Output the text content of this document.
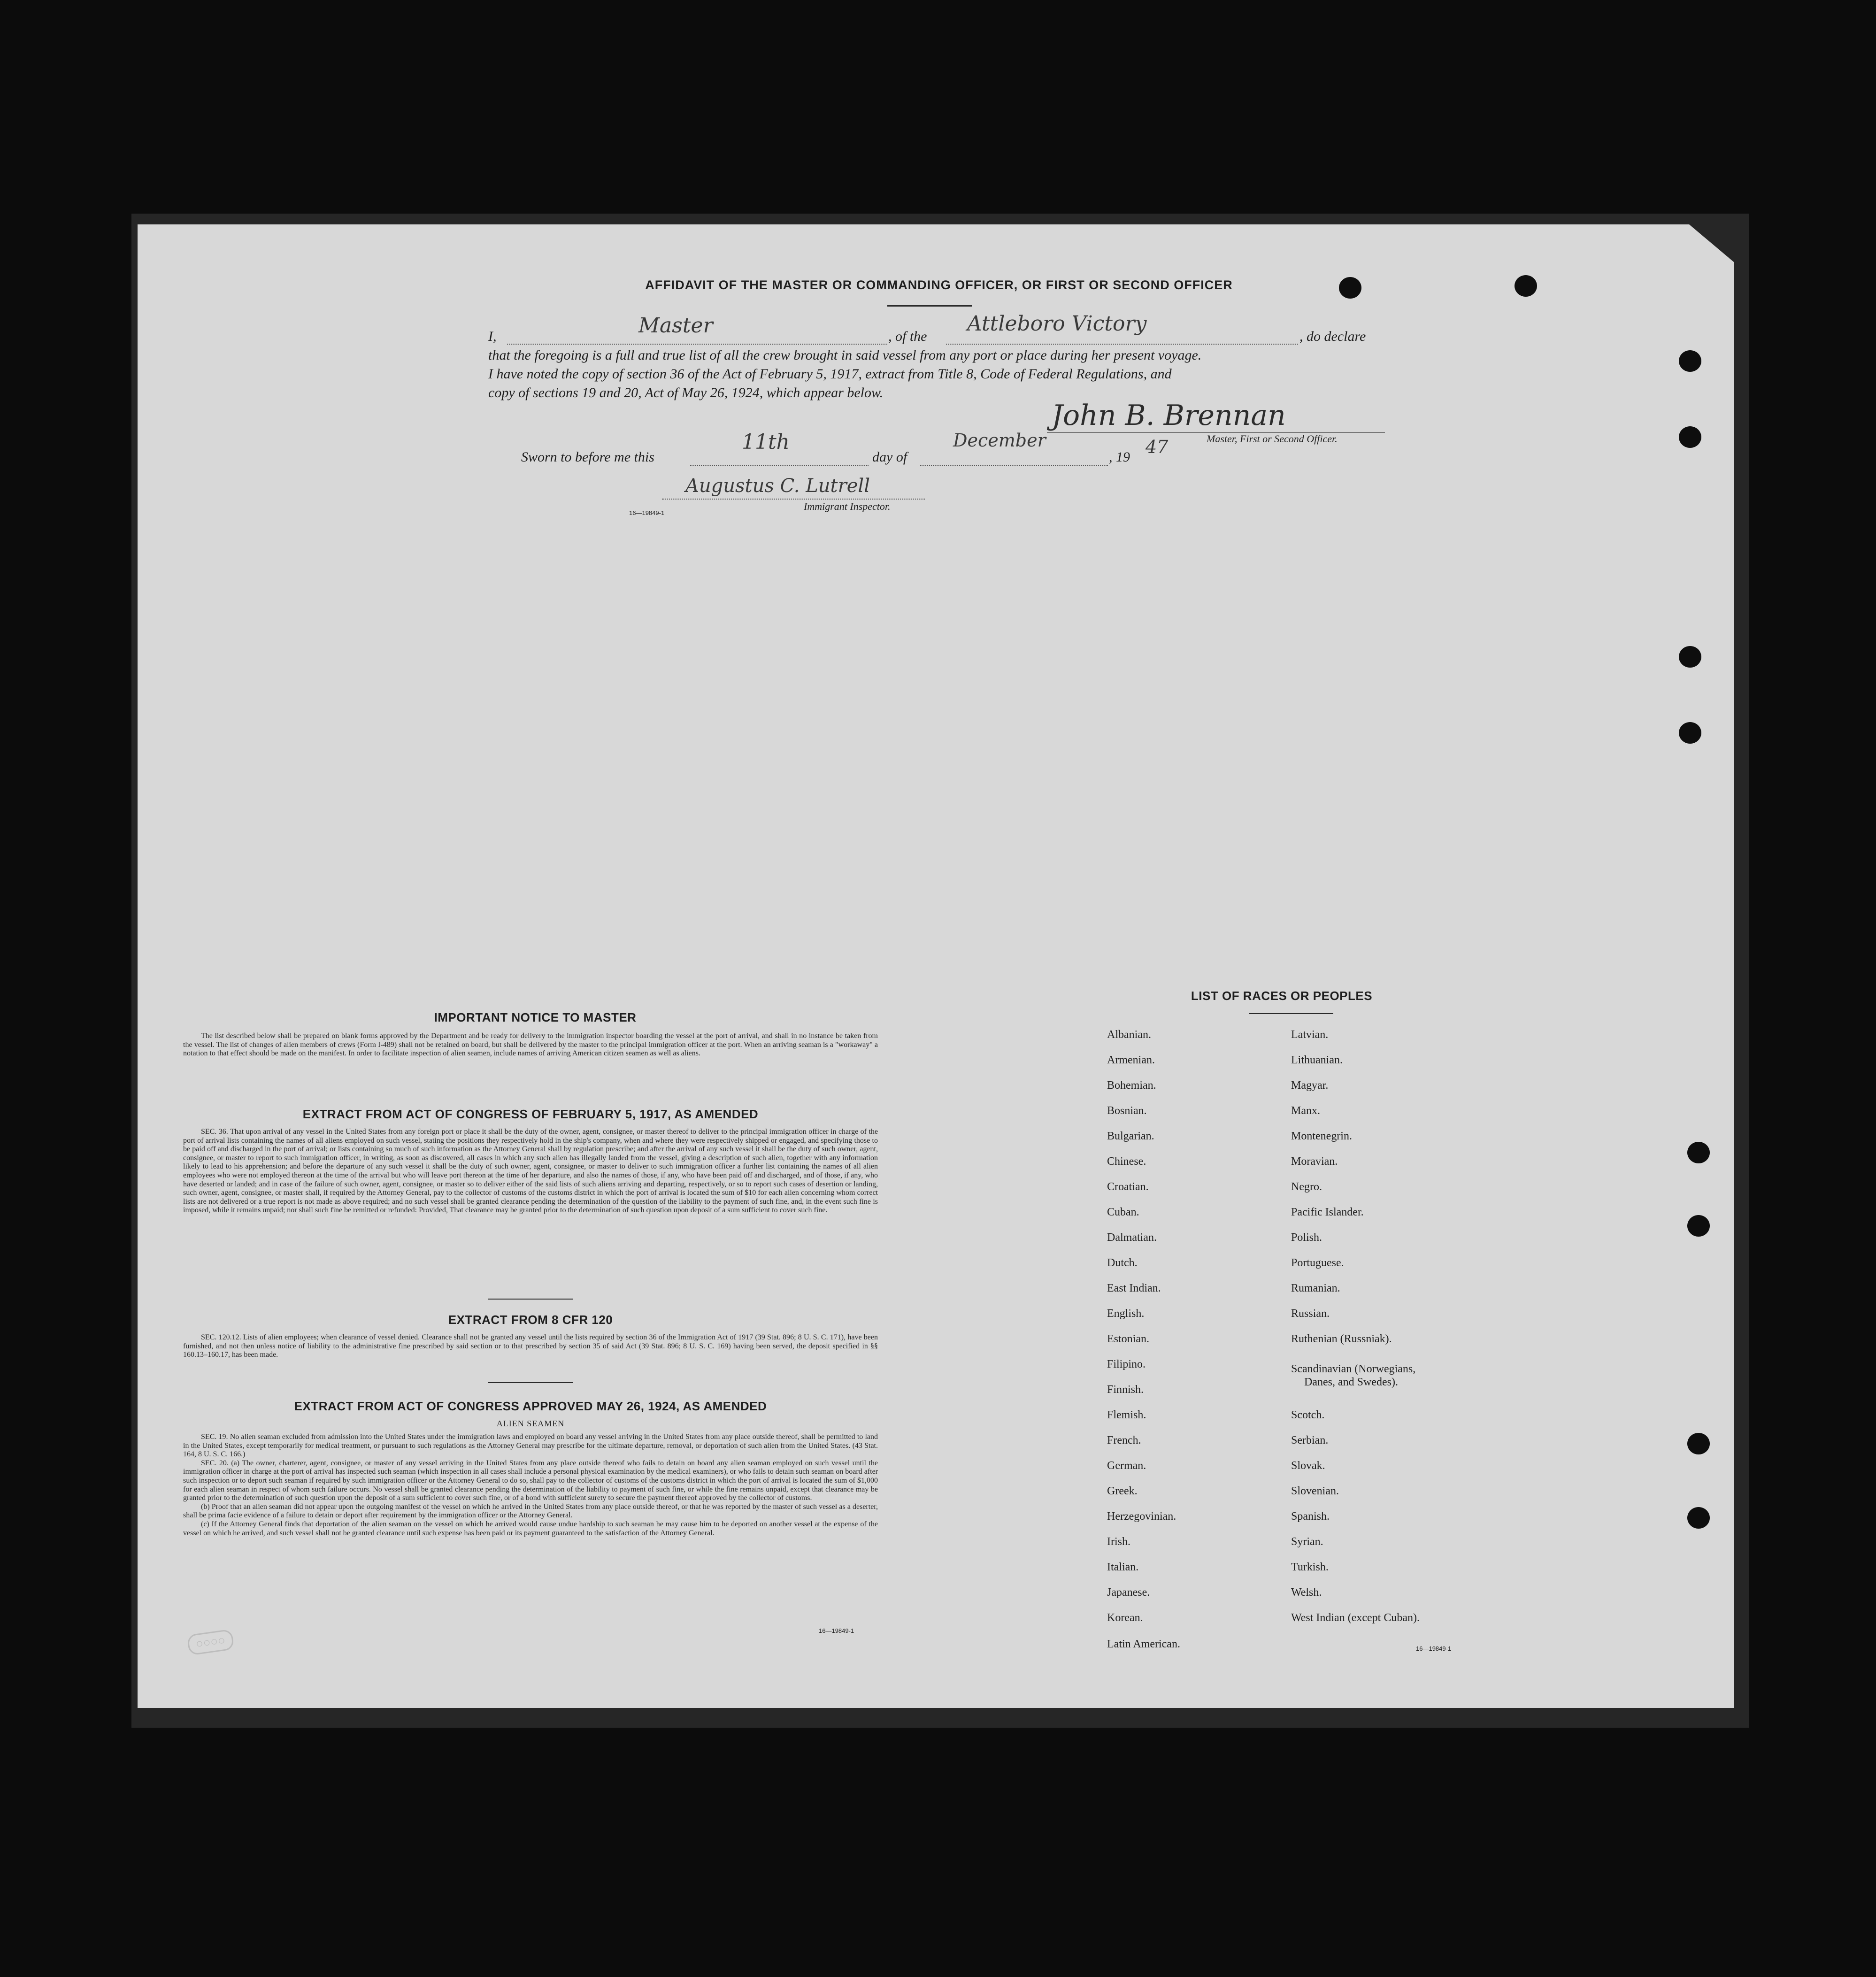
AFFIDAVIT OF THE MASTER OR COMMANDING OFFICER, OR FIRST OR SECOND OFFICER
I,	, of the	, do declare
Master	Attleboro Victory
that the foregoing is a full and true list of all the crew brought in said vessel from any port or place during her present voyage.
I have noted the copy of section 36 of the Act of February 5, 1917, extract from Title 8, Code of Federal Regulations, and
copy of sections 19 and 20, Act of May 26, 1924, which appear below.
John B. Brennan
Master, First or Second Officer.
Sworn to before me this
11th
day of
December
, 19 47
Augustus C. Lutrell
16—19849-1
Immigrant Inspector.
IMPORTANT NOTICE TO MASTER
The list described below shall be prepared on blank forms approved by the Department and be ready for delivery to the immigration inspector boarding the vessel at the port of arrival, and shall in no instance be taken from the vessel. The list of changes of alien members of crews (Form I-489) shall not be retained on board, but shall be delivered by the master to the principal immigration officer at the port. When an arriving seaman is a "workaway" a notation to that effect should be made on the manifest. In order to facilitate inspection of alien seamen, include names of arriving American citizen seamen as well as aliens.
EXTRACT FROM ACT OF CONGRESS OF FEBRUARY 5, 1917, AS AMENDED
SEC. 36. That upon arrival of any vessel in the United States from any foreign port or place it shall be the duty of the owner, agent, consignee, or master thereof to deliver to the principal immigration officer in charge of the port of arrival lists containing the names of all aliens employed on such vessel, stating the positions they respectively hold in the ship's company, when and where they were respectively shipped or engaged, and specifying those to be paid off and discharged in the port of arrival; or lists containing so much of such information as the Attorney General shall by regulation prescribe; and after the arrival of any such vessel it shall be the duty of such owner, agent, consignee, or master to report to such immigration officer, in writing, as soon as discovered, all cases in which any such alien has illegally landed from the vessel, giving a description of such alien, together with any information likely to lead to his apprehension; and before the departure of any such vessel it shall be the duty of such owner, agent, consignee, or master to deliver to such immigration officer a further list containing the names of all alien employees who were not employed thereon at the time of the arrival but who will leave port thereon at the time of her departure, and also the names of those, if any, who have been paid off and discharged, and of those, if any, who have deserted or landed; and in case of the failure of such owner, agent, consignee, or master so to deliver either of the said lists of such aliens arriving and departing, respectively, or so to report such cases of desertion or landing, such owner, agent, consignee, or master shall, if required by the Attorney General, pay to the collector of customs of the customs district in which the port of arrival is located the sum of $10 for each alien concerning whom correct lists are not delivered or a true report is not made as above required; and no such vessel shall be granted clearance pending the determination of the question of the liability to the payment of such fine, and, in the event such fine is imposed, while it remains unpaid; nor shall such fine be remitted or refunded: Provided, That clearance may be granted prior to the determination of such question upon deposit of a sum sufficient to cover such fine.
EXTRACT FROM 8 CFR 120
SEC. 120.12. Lists of alien employees; when clearance of vessel denied. Clearance shall not be granted any vessel until the lists required by section 36 of the Immigration Act of 1917 (39 Stat. 896; 8 U. S. C. 171), have been furnished, and not then unless notice of liability to the administrative fine prescribed by said section or to that prescribed by section 35 of said Act (39 Stat. 896; 8 U. S. C. 169) having been served, the deposit specified in §§ 160.13–160.17, has been made.
EXTRACT FROM ACT OF CONGRESS APPROVED MAY 26, 1924, AS AMENDED
ALIEN SEAMEN
SEC. 19. No alien seaman excluded from admission into the United States under the immigration laws and employed on board any vessel arriving in the United States from any place outside thereof, shall be permitted to land in the United States, except temporarily for medical treatment, or pursuant to such regulations as the Attorney General may prescribe for the ultimate departure, removal, or deportation of such alien from the United States. (43 Stat. 164, 8 U. S. C. 166.)
SEC. 20. (a) The owner, charterer, agent, consignee, or master of any vessel arriving in the United States from any place outside thereof who fails to detain on board any alien seaman employed on such vessel until the immigration officer in charge at the port of arrival has inspected such seaman (which inspection in all cases shall include a personal physical examination by the medical examiners), or who fails to detain such seaman on board after such inspection or to deport such seaman if required by such immigration officer or the Attorney General to do so, shall pay to the collector of customs of the customs district in which the port of arrival is located the sum of $1,000 for each alien seaman in respect of whom such failure occurs. No vessel shall be granted clearance pending the determination of the liability to payment of such fine, or while the fine remains unpaid, except that clearance may be granted prior to the determination of such question upon the deposit of a sum sufficient to cover such fine, or of a bond with sufficient surety to secure the payment thereof approved by the collector of customs.
(b) Proof that an alien seaman did not appear upon the outgoing manifest of the vessel on which he arrived in the United States from any place outside thereof, or that he was reported by the master of such vessel as a deserter, shall be prima facie evidence of a failure to detain or deport after requirement by the immigration officer or the Attorney General.
(c) If the Attorney General finds that deportation of the alien seaman on the vessel on which he arrived would cause undue hardship to such seaman he may cause him to be deported on another vessel at the expense of the vessel on which he arrived, and such vessel shall not be granted clearance until such expense has been paid or its payment guaranteed to the satisfaction of the Attorney General.
16—19849-1
○○○○
LIST OF RACES OR PEOPLES
Albanian.
Armenian.
Bohemian.
Bosnian.
Bulgarian.
Chinese.
Croatian.
Cuban.
Dalmatian.
Dutch.
East Indian.
English.
Estonian.
Filipino.
Finnish.
Flemish.
French.
German.
Greek.
Herzegovinian.
Irish.
Italian.
Japanese.
Korean.
Latin American.
Latvian.
Lithuanian.
Magyar.
Manx.
Montenegrin.
Moravian.
Negro.
Pacific Islander.
Polish.
Portuguese.
Rumanian.
Russian.
Ruthenian (Russniak).
Scandinavian (Norwegians,
Danes, and Swedes).
Scotch.
Serbian.
Slovak.
Slovenian.
Spanish.
Syrian.
Turkish.
Welsh.
West Indian (except Cuban).
16—19849-1
